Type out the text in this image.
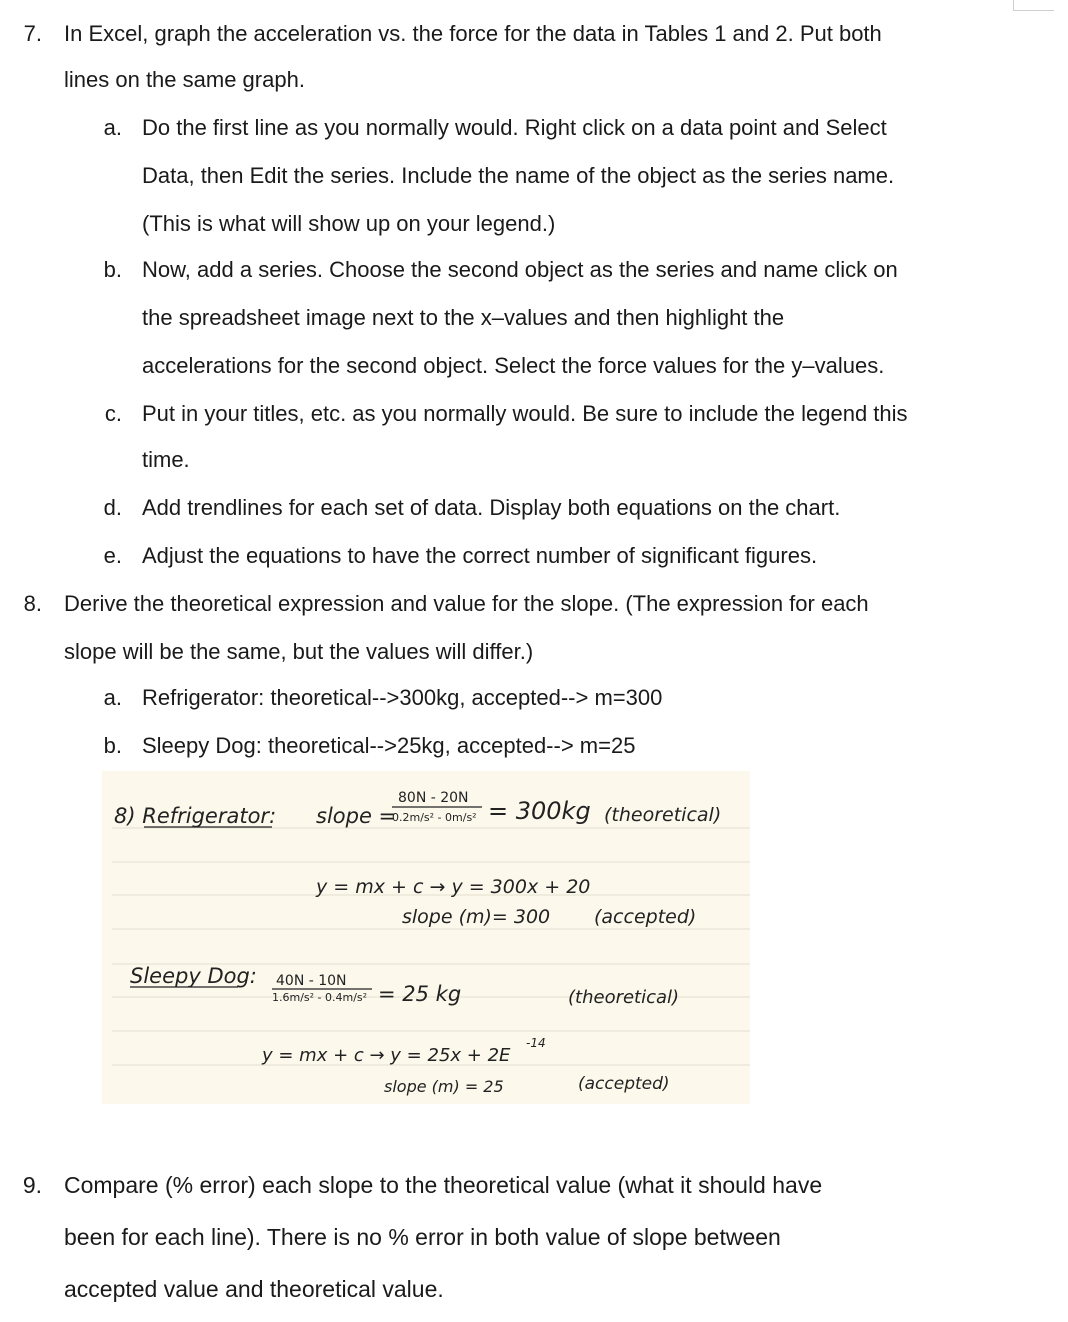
7. In Excel, graph the acceleration vs. the force for the data in Tables 1 and 2. Put both
lines on the same graph.
a. Do the first line as you normally would. Right click on a data point and Select
Data, then Edit the series. Include the name of the object as the series name.
(This is what will show up on your legend.)
b. Now, add a series. Choose the second object as the series and name click on
the spreadsheet image next to the x–values and then highlight the
accelerations for the second object. Select the force values for the y–values.
c. Put in your titles, etc. as you normally would. Be sure to include the legend this
time.
d. Add trendlines for each set of data. Display both equations on the chart.
e. Adjust the equations to have the correct number of significant figures.
8. Derive the theoretical expression and value for the slope. (The expression for each
slope will be the same, but the values will differ.)
a. Refrigerator: theoretical-->300kg, accepted--> m=300
b. Sleepy Dog: theoretical-->25kg, accepted--> m=25
8) Refrigerator: slope =
80N - 20N
0.2m/s² - 0m/s² = 300kg (theoretical)
y = mx + c → y = 300x + 20
slope (m)= 300 (accepted)
Sleepy Dog: 40N - 10N
1.6m/s² - 0.4m/s² = 25 kg	(theoretical)
y = mx + c → y = 25x + 2E
-14
slope (m) = 25	(accepted)
9. Compare (% error) each slope to the theoretical value (what it should have
been for each line). There is no % error in both value of slope between
accepted value and theoretical value.
